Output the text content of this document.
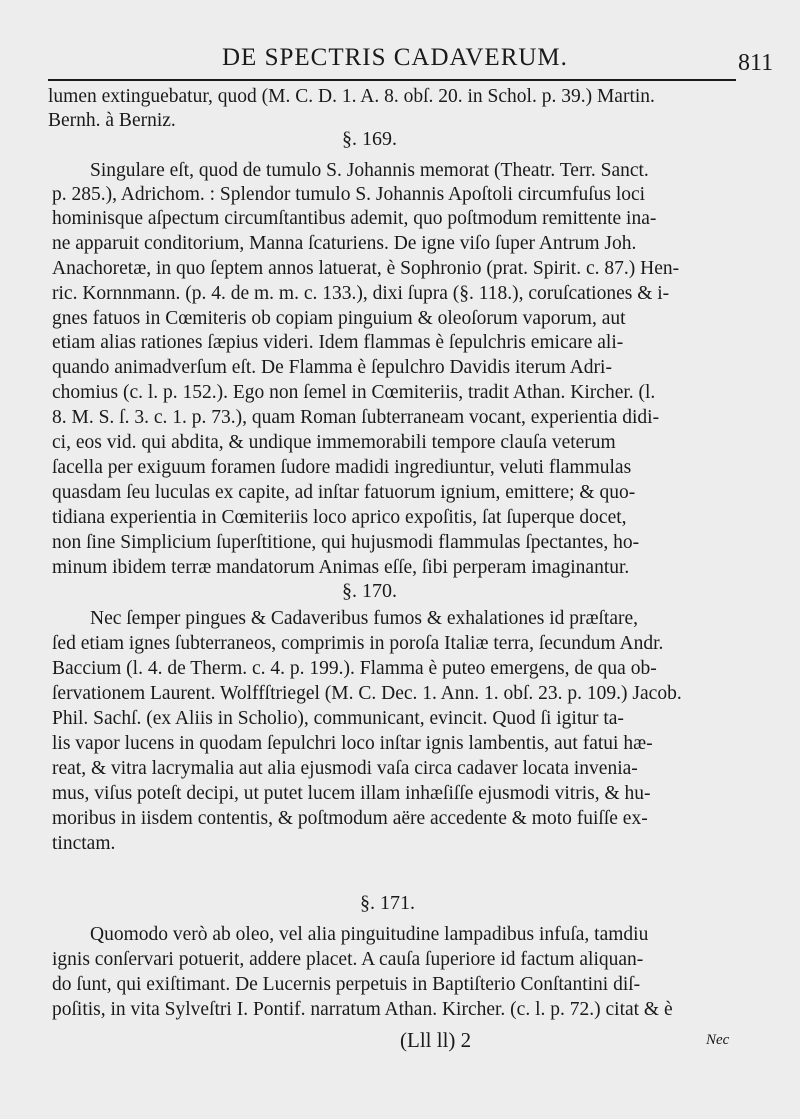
DE SPECTRIS CADAVERUM.	811
lumen extinguebatur, quod (M. C. D. 1. A. 8. obſ. 20. in Schol. p. 39.) Martin.
Bernh. à Berniz.
§. 169.
Singulare eſt, quod de tumulo S. Johannis memorat (Theatr. Terr. Sanct.
p. 285.), Adrichom. : Splendor tumulo S. Johannis Apoſtoli circumfuſus loci
hominisque aſpectum circumſtantibus ademit, quo poſtmodum remittente ina-
ne apparuit conditorium, Manna ſcaturiens. De igne viſo ſuper Antrum Joh.
Anachoretæ, in quo ſeptem annos latuerat, è Sophronio (prat. Spirit. c. 87.) Hen-
ric. Kornnmann. (p. 4. de m. m. c. 133.), dixi ſupra (§. 118.), coruſcationes & i-
gnes fatuos in Cœmiteris ob copiam pinguium & oleoſorum vaporum, aut
etiam alias rationes ſæpius videri. Idem flammas è ſepulchris emicare ali-
quando animadverſum eſt. De Flamma è ſepulchro Davidis iterum Adri-
chomius (c. l. p. 152.). Ego non ſemel in Cœmiteriis, tradit Athan. Kircher. (l.
8. M. S. ſ. 3. c. 1. p. 73.), quam Roman ſubterraneam vocant, experientia didi-
ci, eos vid. qui abdita, & undique immemorabili tempore clauſa veterum
ſacella per exiguum foramen ſudore madidi ingrediuntur, veluti flammulas
quasdam ſeu luculas ex capite, ad inſtar fatuorum ignium, emittere; & quo-
tidiana experientia in Cœmiteriis loco aprico expoſitis, ſat ſuperque docet,
non ſine Simplicium ſuperſtitione, qui hujusmodi flammulas ſpectantes, ho-
minum ibidem terræ mandatorum Animas eſſe, ſibi perperam imaginantur.
§. 170.
Nec ſemper pingues & Cadaveribus fumos & exhalationes id præſtare,
ſed etiam ignes ſubterraneos, comprimis in poroſa Italiæ terra, ſecundum Andr.
Baccium (l. 4. de Therm. c. 4. p. 199.). Flamma è puteo emergens, de qua ob-
ſervationem Laurent. Wolffſtriegel (M. C. Dec. 1. Ann. 1. obſ. 23. p. 109.) Jacob.
Phil. Sachſ. (ex Aliis in Scholio), communicant, evincit. Quod ſi igitur ta-
lis vapor lucens in quodam ſepulchri loco inſtar ignis lambentis, aut fatui hæ-
reat, & vitra lacrymalia aut alia ejusmodi vaſa circa cadaver locata invenia-
mus, viſus poteſt decipi, ut putet lucem illam inhæſiſſe ejusmodi vitris, & hu-
moribus in iisdem contentis, & poſtmodum aëre accedente & moto fuiſſe ex-
tinctam.
§. 171.
Quomodo verò ab oleo, vel alia pinguitudine lampadibus infuſa, tamdiu
ignis conſervari potuerit, addere placet. A cauſa ſuperiore id factum aliquan-
do ſunt, qui exiſtimant. De Lucernis perpetuis in Baptiſterio Conſtantini diſ-
poſitis, in vita Sylveſtri I. Pontif. narratum Athan. Kircher. (c. l. p. 72.) citat & è
(Lll ll) 2	Nec
